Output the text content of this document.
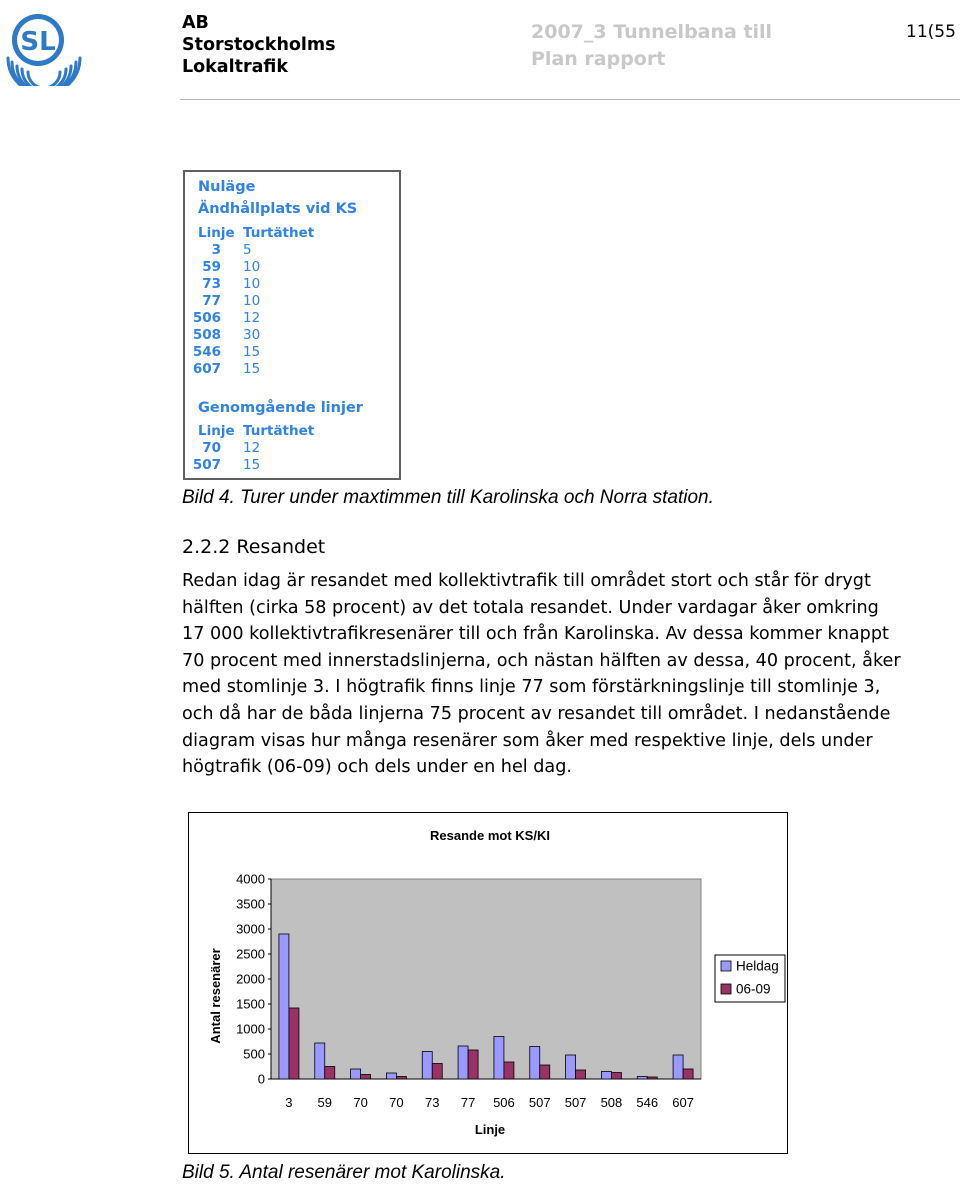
SL
AB
Storstockholms
Lokaltrafik
2007_3 Tunnelbana till
Plan rapport
11(55
Nuläge
Ändhållplats vid KS
Linje Turtäthet
3 5
59 10
73 10
77 10
506 12
508 30
546 15
607 15
Genomgående linjer
Linje Turtäthet
70 12
507 15
Bild 4. Turer under maxtimmen till Karolinska och Norra station.
2.2.2 Resandet
Redan idag är resandet med kollektivtrafik till området stort och står för drygt
hälften (cirka 58 procent) av det totala resandet. Under vardagar åker omkring
17 000 kollektivtrafikresenärer till och från Karolinska. Av dessa kommer knappt
70 procent med innerstadslinjerna, och nästan hälften av dessa, 40 procent, åker
med stomlinje 3. I högtrafik finns linje 77 som förstärkningslinje till stomlinje 3,
och då har de båda linjerna 75 procent av resandet till området. I nedanstående
diagram visas hur många resenärer som åker med respektive linje, dels under
högtrafik (06-09) och dels under en hel dag.
Resande mot KS/KI
Linje
Antal resenärer
0
500
1000
1500
2000
2500
3000
3500
4000
3 59 70 70 73 77 506 507 507 508 546 607
Heldag
06-09
Bild 5. Antal resenärer mot Karolinska.
